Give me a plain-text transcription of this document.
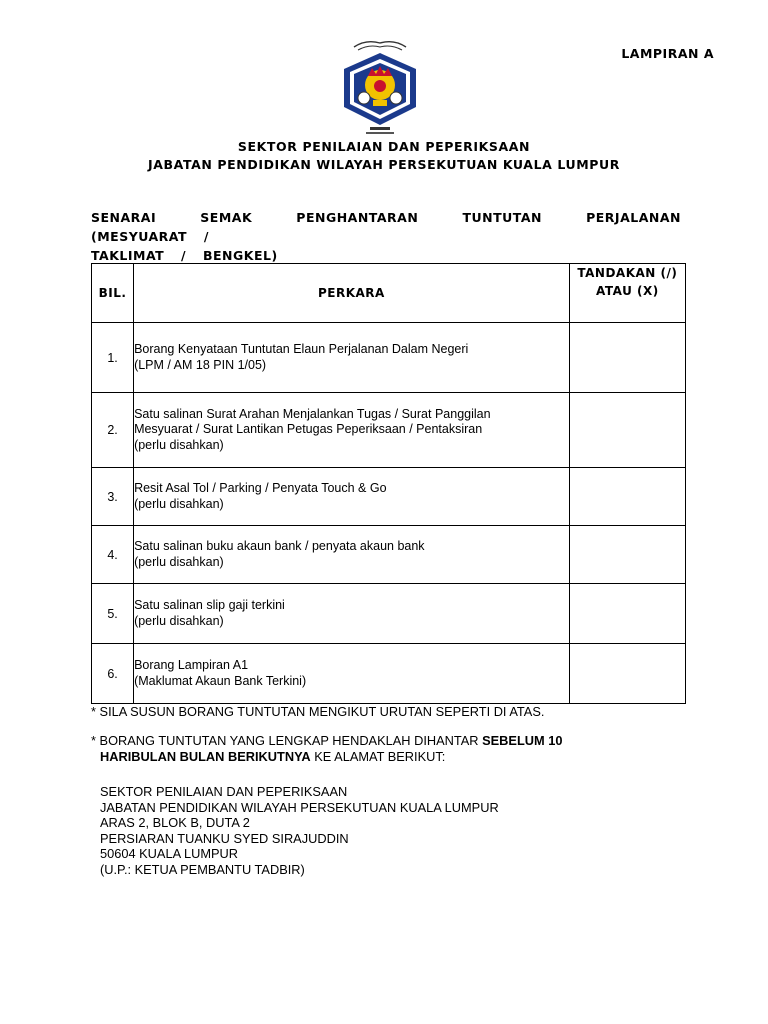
LAMPIRAN A
SEKTOR PENILAIAN DAN PEPERIKSAAN
JABATAN PENDIDIKAN WILAYAH PERSEKUTUAN KUALA LUMPUR
SENARAI SEMAK PENGHANTARAN TUNTUTAN PERJALANAN (MESYUARAT /
TAKLIMAT / BENGKEL)
BIL.	PERKARA	TANDAKAN (/)
ATAU (X)

1.	Borang Kenyataan Tuntutan Elaun Perjalanan Dalam Negeri
(LPM / AM 18 PIN 1/05)	

2.	Satu salinan Surat Arahan Menjalankan Tugas / Surat Panggilan
Mesyuarat / Surat Lantikan Petugas Peperiksaan / Pentaksiran
(perlu disahkan)	

3.	Resit Asal Tol / Parking / Penyata Touch & Go
(perlu disahkan)	

4.	Satu salinan buku akaun bank / penyata akaun bank
(perlu disahkan)	

5.	Satu salinan slip gaji terkini
(perlu disahkan)	

6.	Borang Lampiran A1
(Maklumat Akaun Bank Terkini)	

* SILA SUSUN BORANG TUNTUTAN MENGIKUT URUTAN SEPERTI DI ATAS.
* BORANG TUNTUTAN YANG LENGKAP HENDAKLAH DIHANTAR SEBELUM 10
HARIBULAN BULAN BERIKUTNYA KE ALAMAT BERIKUT:
SEKTOR PENILAIAN DAN PEPERIKSAAN
JABATAN PENDIDIKAN WILAYAH PERSEKUTUAN KUALA LUMPUR
ARAS 2, BLOK B, DUTA 2
PERSIARAN TUANKU SYED SIRAJUDDIN
50604 KUALA LUMPUR
(U.P.: KETUA PEMBANTU TADBIR)
